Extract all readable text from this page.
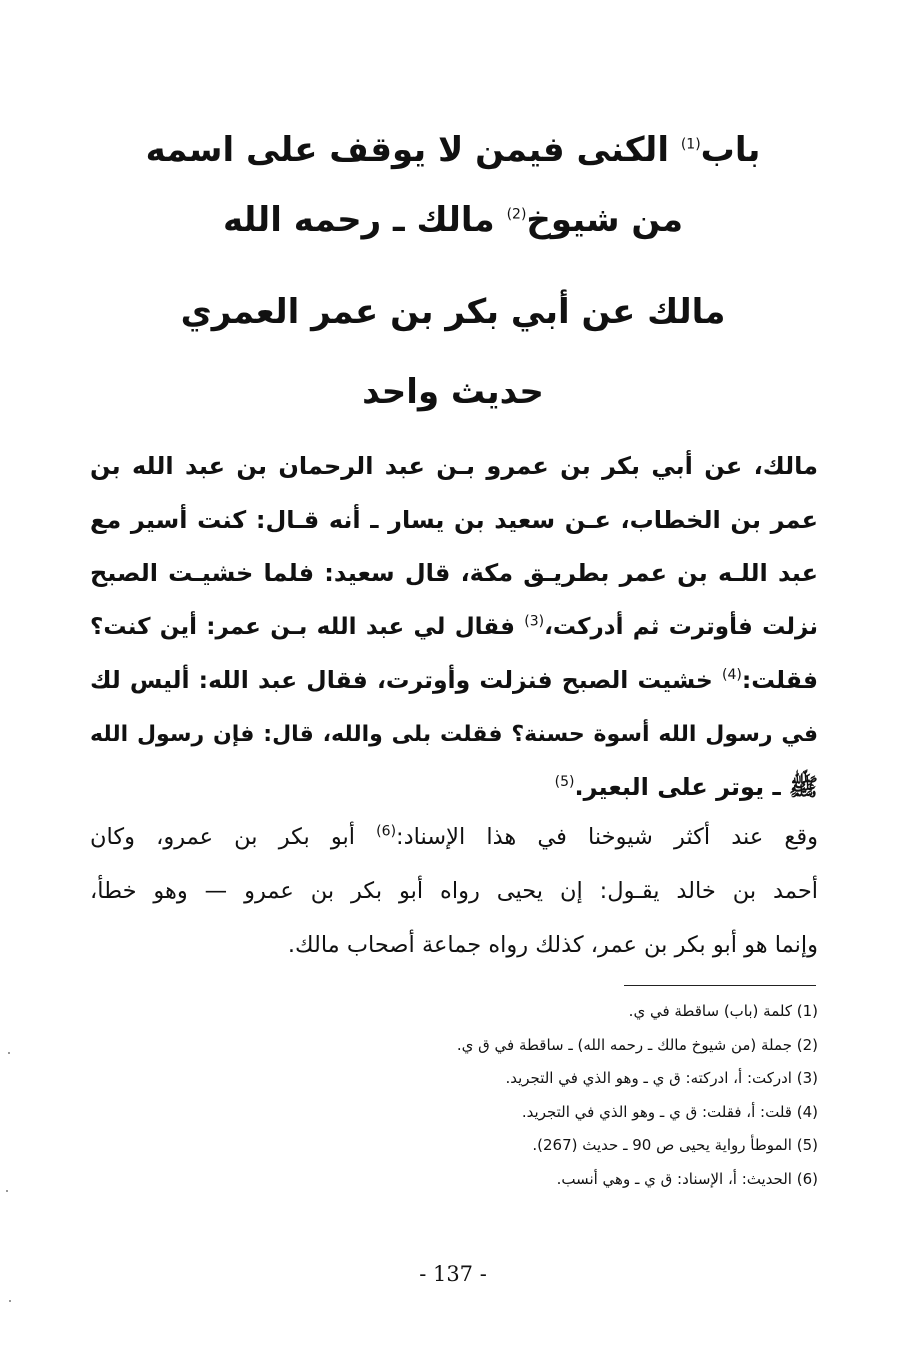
باب$^{(1)}$ الكنى فيمن لا يوقف على اسمه
من شيوخ$^{(2)}$ مالك ـ رحمه الله
مالك عن أبي بكر بن عمر العمري
حديث واحد
مالك، عن أبي بكر بن عمرو بـن عبد الرحمان بن عبد الله بن
عمر بن الخطاب، عـن سعيد بن يسار ـ أنه قـال: كنت أسير مع
عبد اللـه بن عمر بطريـق مكة، قال سعيد: فلما خشيـت الصبح
نزلت فأوترت ثم أدركت،$^{(3)}$ فقال لي عبد الله بـن عمر: أين كنت؟
فقلت:$^{(4)}$ خشيت الصبح فنزلت وأوترت، فقال عبد الله: أليس لك
في رسول الله أسوة حسنة؟ فقلت بلى والله، قال: فإن رسول الله
ﷺ ـ يوتر على البعير.$^{(5)}$
وقع عند أكثر شيوخنا في هذا الإسناد:$^{(6)}$ أبو بكر بن عمرو، وكان
أحمد بن خالد يقـول: إن يحيى رواه أبو بكر بن عمرو — وهو خطأ،
وإنما هو أبو بكر بن عمر، كذلك رواه جماعة أصحاب مالك.
(1) كلمة (باب) ساقطة في ي.
(2) جملة (من شيوخ مالك ـ رحمه الله) ـ ساقطة في ق ي.
(3) ادركت: أ، ادركته: ق ي ـ وهو الذي في التجريد.
(4) قلت: أ، فقلت: ق ي ـ وهو الذي في التجريد.
(5) الموطأ رواية يحيى ص 90 ـ حديث (267).
(6) الحديث: أ، الإسناد: ق ي ـ وهي أنسب.
- 137 -
